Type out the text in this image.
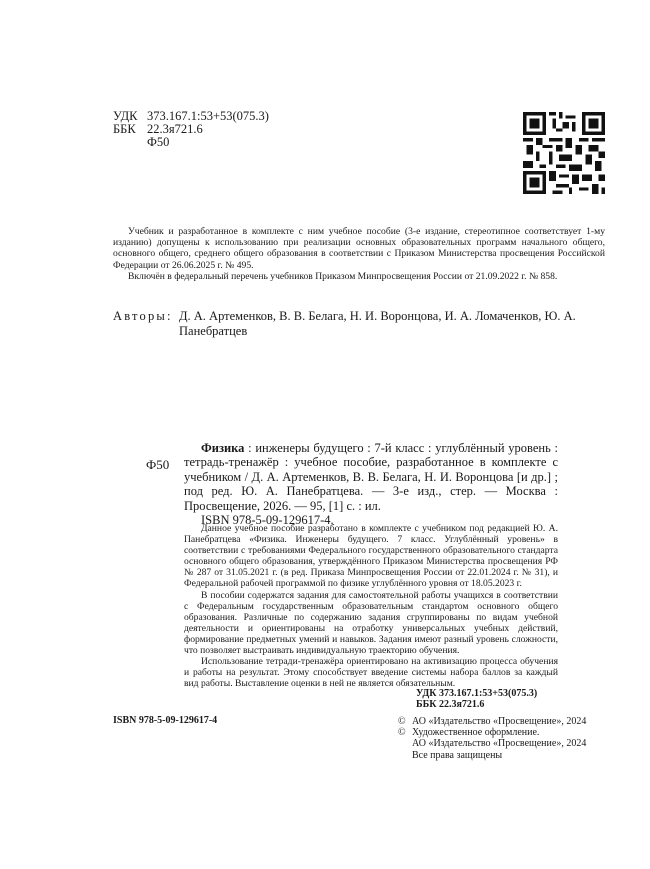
УДК 373.167.1:53+53(075.3)
ББК 22.3я721.6
Ф50

Учебник и разработанное в комплекте с ним учебное пособие (3-е издание, стереотипное соответствует 1-му изданию) допущены к использованию при реализации основных образовательных программ начального общего, основного общего, среднего общего образования в соответствии с Приказом Министерства просвещения Российской Федерации от 26.06.2025 г. № 495.

Включён в федеральный перечень учебников Приказом Минпросвещения России от 21.09.2022 г. № 858.

Авторы: Д. А. Артеменков, В. В. Белага, Н. И. Воронцова, И. А. Ломаченков, Ю. А. Панебратцев
Ф50

Физика : инженеры будущего : 7-й класс : углублённый уровень : тетрадь-тренажёр : учебное пособие, разработанное в комплекте с учебником / Д. А. Артеменков, В. В. Белага, Н. И. Воронцова [и др.] ; под ред. Ю. А. Панебратцева. — 3-е изд., стер. — Москва : Просвещение, 2026. — 95, [1] с. : ил.

ISBN 978-5-09-129617-4.

Данное учебное пособие разработано в комплекте с учебником под редакцией Ю. А. Панебратцева «Физика. Инженеры будущего. 7 класс. Углублённый уровень» в соответствии с требованиями Федерального государственного образовательного стандарта основного общего образования, утверждённого Приказом Министерства просвещения РФ № 287 от 31.05.2021 г. (в ред. Приказа Минпросвещения России от 22.01.2024 г. № 31), и Федеральной рабочей программой по физике углублённого уровня от 18.05.2023 г.

В пособии содержатся задания для самостоятельной работы учащихся в соответствии с Федеральным государственным образовательным стандартом основного общего образования. Различные по содержанию задания сгруппированы по видам учебной деятельности и ориентированы на отработку универсальных учебных действий, формирование предметных умений и навыков. Задания имеют разный уровень сложности, что позволяет выстраивать индивидуальную траекторию обучения.

Использование тетради-тренажёра ориентировано на активизацию процесса обучения и работы на результат. Этому способствует введение системы набора баллов за каждый вид работы. Выставление оценки в ней не является обязательным.

УДК 373.167.1:53+53(075.3)
ББК 22.3я721.6
ISBN 978-5-09-129617-4	© АО «Издательство «Просвещение», 2024
© Художественное оформление.
АО «Издательство «Просвещение», 2024
Все права защищены
